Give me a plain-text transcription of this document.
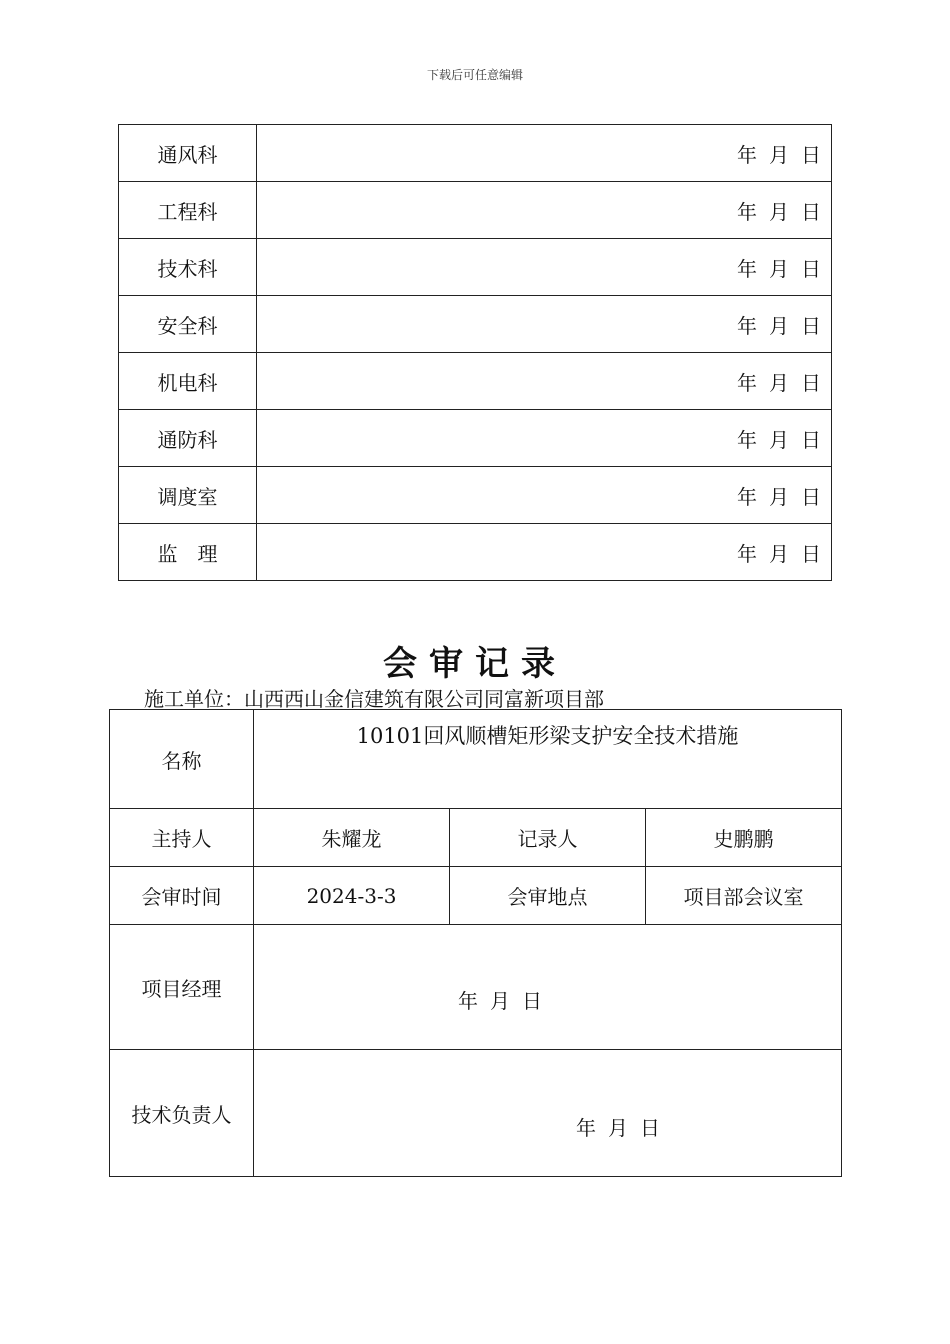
下载后可任意编辑
通风科	年 月 日
工程科	年 月 日
技术科	年 月 日
安全科	年 月 日
机电科	年 月 日
通防科	年 月 日
调度室	年 月 日
监　理	年 月 日
会审记录
施工单位：山西西山金信建筑有限公司同富新项目部
名称	10101回风顺槽矩形梁支护安全技术措施		
主持人	朱耀龙	记录人	史鹏鹏
会审时间	2024-3-3	会审地点	项目部会议室
项目经理	年 月 日		

技术负责人	年 月 日		
